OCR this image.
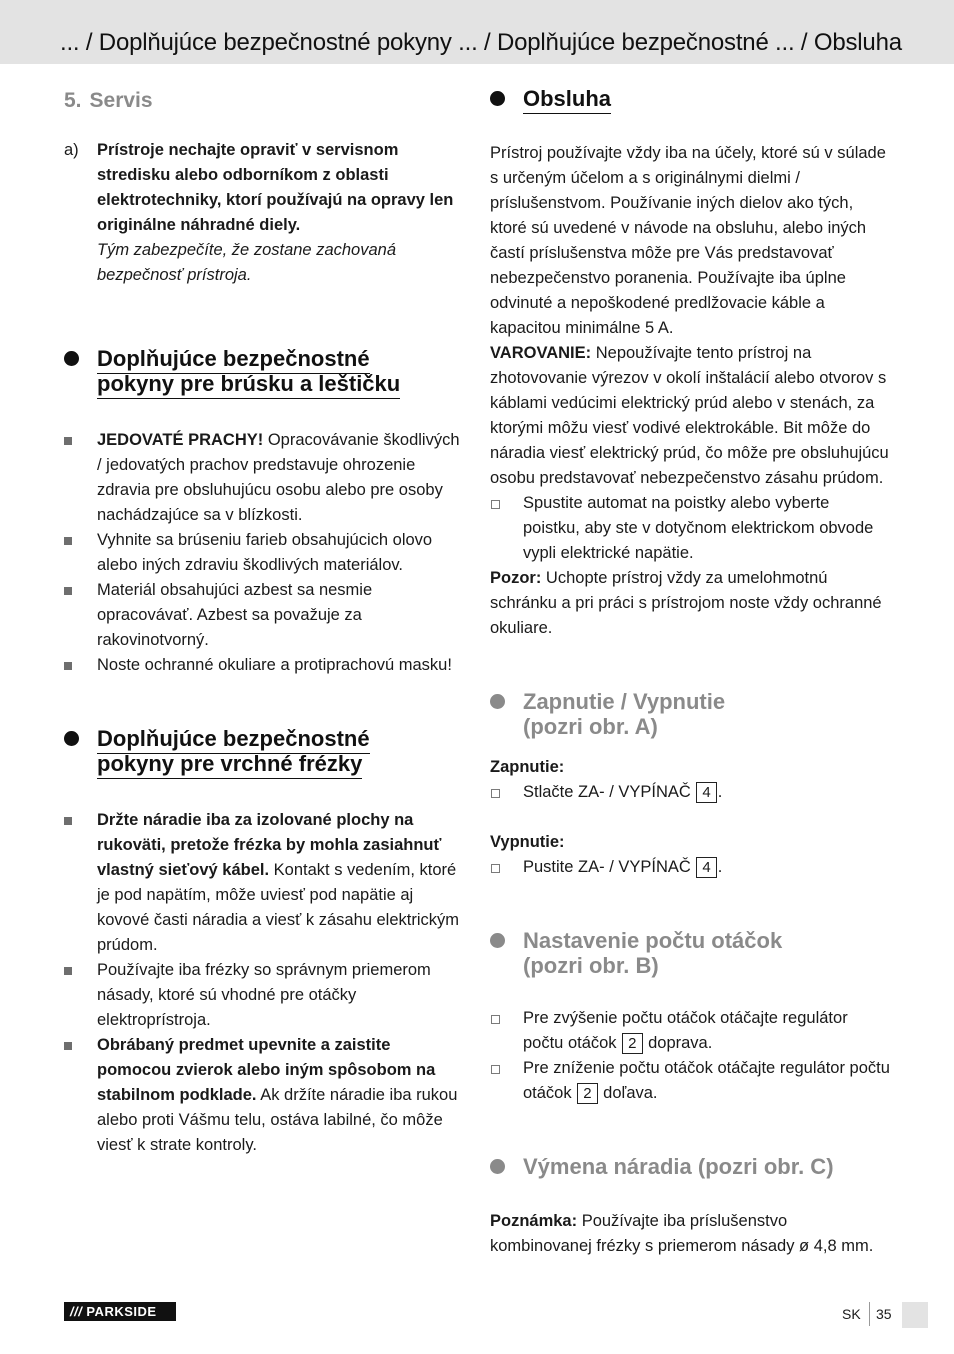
... / Doplňujúce bezpečnostné pokyny ... / Doplňujúce bezpečnostné ... / Obsluha
5. Servis
a) Prístroje nechajte opraviť v servisnom stredisku alebo odborníkom z oblasti elektrotechniky, ktorí používajú na opravy len originálne náhradné diely.

Tým zabezpečíte, že zostane zachovaná bezpečnosť prístroja.

Doplňujúce bezpečnostné
pokyny pre brúsku a leštičku

JEDOVATÉ PRACHY! Opracovávanie škodlivých / jedovatých prachov predstavuje ohrozenie zdravia pre obsluhujúcu osobu alebo pre osoby nachádzajúce sa v blízkosti.

Vyhnite sa brúseniu farieb obsahujúcich olovo alebo iných zdraviu škodlivých materiálov.

Materiál obsahujúci azbest sa nesmie opracovávať. Azbest sa považuje za rakovinotvorný.

Noste ochranné okuliare a protiprachovú masku!

Doplňujúce bezpečnostné
pokyny pre vrchné frézky

Držte náradie iba za izolované plochy na rukoväti, pretože frézka by mohla zasiahnuť vlastný sieťový kábel. Kontakt s vedením, ktoré je pod napätím, môže uviesť pod napätie aj kovové časti náradia a viesť k zásahu elektrickým prúdom.

Používajte iba frézky so správnym priemerom násady, ktoré sú vhodné pre otáčky elektroprístroja.

Obrábaný predmet upevnite a zaistite pomocou zvierok alebo iným spôsobom na stabilnom podklade. Ak držíte náradie iba rukou alebo proti Vášmu telu, ostáva labilné, čo môže viesť k strate kontroly.

Obsluha

Prístroj používajte vždy iba na účely, ktoré sú v súlade s určeným účelom a s originálnymi dielmi / príslušenstvom. Používanie iných dielov ako tých, ktoré sú uvedené v návode na obsluhu, alebo iných častí príslušenstva môže pre Vás predstavovať nebezpečenstvo poranenia. Používajte iba úplne odvinuté a nepoškodené predlžovacie káble a kapacitou minimálne 5 A.

VAROVANIE: Nepoužívajte tento prístroj na zhotovovanie výrezov v okolí inštalácií alebo otvorov s káblami vedúcimi elektrický prúd alebo v stenách, za ktorými môžu viesť vodivé elektrokáble. Bit môže do náradia viesť elektrický prúd, čo môže pre obsluhujúcu osobu predstavovať nebezpečenstvo zásahu prúdom.

Spustite automat na poistky alebo vyberte poistku, aby ste v dotyčnom elektrickom obvode vypli elektrické napätie.

Pozor: Uchopte prístroj vždy za umelohmotnú schránku a pri práci s prístrojom noste vždy ochranné okuliare.

Zapnutie / Vypnutie
(pozri obr. A)

Zapnutie:

Stlačte ZA- / VYPÍNAČ 4 .

Vypnutie:

Pustite ZA- / VYPÍNAČ 4 .

Nastavenie počtu otáčok
(pozri obr. B)

Pre zvýšenie počtu otáčok otáčajte regulátor počtu otáčok 2 doprava.

Pre zníženie počtu otáčok otáčajte regulátor počtu otáčok 2 doľava.

Výmena náradia (pozri obr. C)

Poznámka: Používajte iba príslušenstvo kombinovanej frézky s priemerom násady ø 4,8 mm.

/// PARKSIDE	SK 35
